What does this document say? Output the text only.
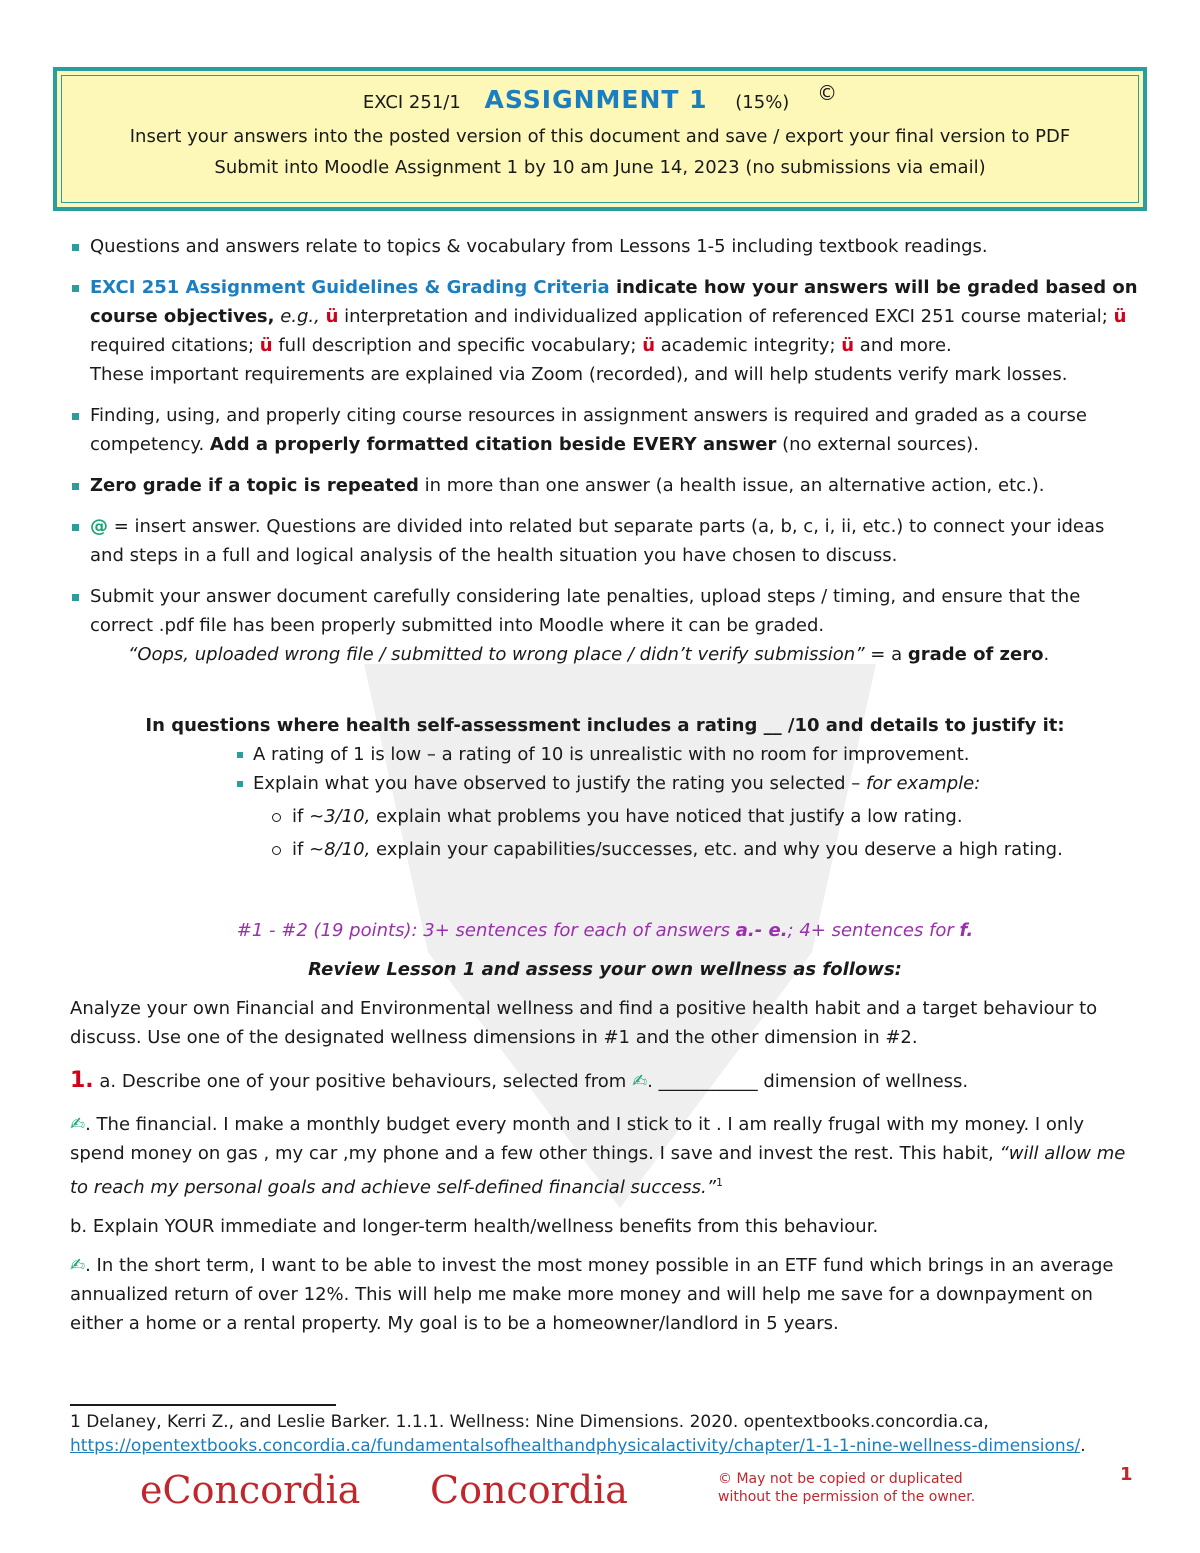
EXCI 251/1 ASSIGNMENT 1 (15%) ©
Insert your answers into the posted version of this document and save / export your final version to PDF
Submit into Moodle Assignment 1 by 10 am June 14, 2023 (no submissions via email)
Questions and answers relate to topics & vocabulary from Lessons 1-5 including textbook readings.
EXCI 251 Assignment Guidelines & Grading Criteria indicate how your answers will be graded based on course objectives, e.g., ü interpretation and individualized application of referenced EXCI 251 course material; ü required citations; ü full description and specific vocabulary; ü academic integrity; ü and more.
These important requirements are explained via Zoom (recorded), and will help students verify mark losses.
Finding, using, and properly citing course resources in assignment answers is required and graded as a course competency. Add a properly formatted citation beside EVERY answer (no external sources).
Zero grade if a topic is repeated in more than one answer (a health issue, an alternative action, etc.).
@ = insert answer. Questions are divided into related but separate parts (a, b, c, i, ii, etc.) to connect your ideas and steps in a full and logical analysis of the health situation you have chosen to discuss.
Submit your answer document carefully considering late penalties, upload steps / timing, and ensure that the correct .pdf file has been properly submitted into Moodle where it can be graded.
“Oops, uploaded wrong file / submitted to wrong place / didn’t verify submission” = a grade of zero.
In questions where health self-assessment includes a rating __ /10 and details to justify it:
A rating of 1 is low – a rating of 10 is unrealistic with no room for improvement.
Explain what you have observed to justify the rating you selected – for example:
if ~3/10, explain what problems you have noticed that justify a low rating.
if ~8/10, explain your capabilities/successes, etc. and why you deserve a high rating.
#1 - #2 (19 points): 3+ sentences for each of answers a.- e.; 4+ sentences for f.
Review Lesson 1 and assess your own wellness as follows:
Analyze your own Financial and Environmental wellness and find a positive health habit and a target behaviour to discuss. Use one of the designated wellness dimensions in #1 and the other dimension in #2.
1. a. Describe one of your positive behaviours, selected from ✍. ___________ dimension of wellness.
✍. The financial. I make a monthly budget every month and I stick to it . I am really frugal with my money. I only spend money on gas , my car ,my phone and a few other things. I save and invest the rest. This habit, “will allow me to reach my personal goals and achieve self-defined financial success.”$^1$
b. Explain YOUR immediate and longer-term health/wellness benefits from this behaviour.
✍. In the short term, I want to be able to invest the most money possible in an ETF fund which brings in an average annualized return of over 12%. This will help me make more money and will help me save for a downpayment on either a home or a rental property. My goal is to be a homeowner/landlord in 5 years.
1 Delaney, Kerri Z., and Leslie Barker. 1.1.1. Wellness: Nine Dimensions. 2020. opentextbooks.concordia.ca,
https://opentextbooks.concordia.ca/fundamentalsofhealthandphysicalactivity/chapter/1-1-1-nine-wellness-dimensions/.
eConcordia Concordia	© May not be copied or duplicated
without the permission of the owner.
1
